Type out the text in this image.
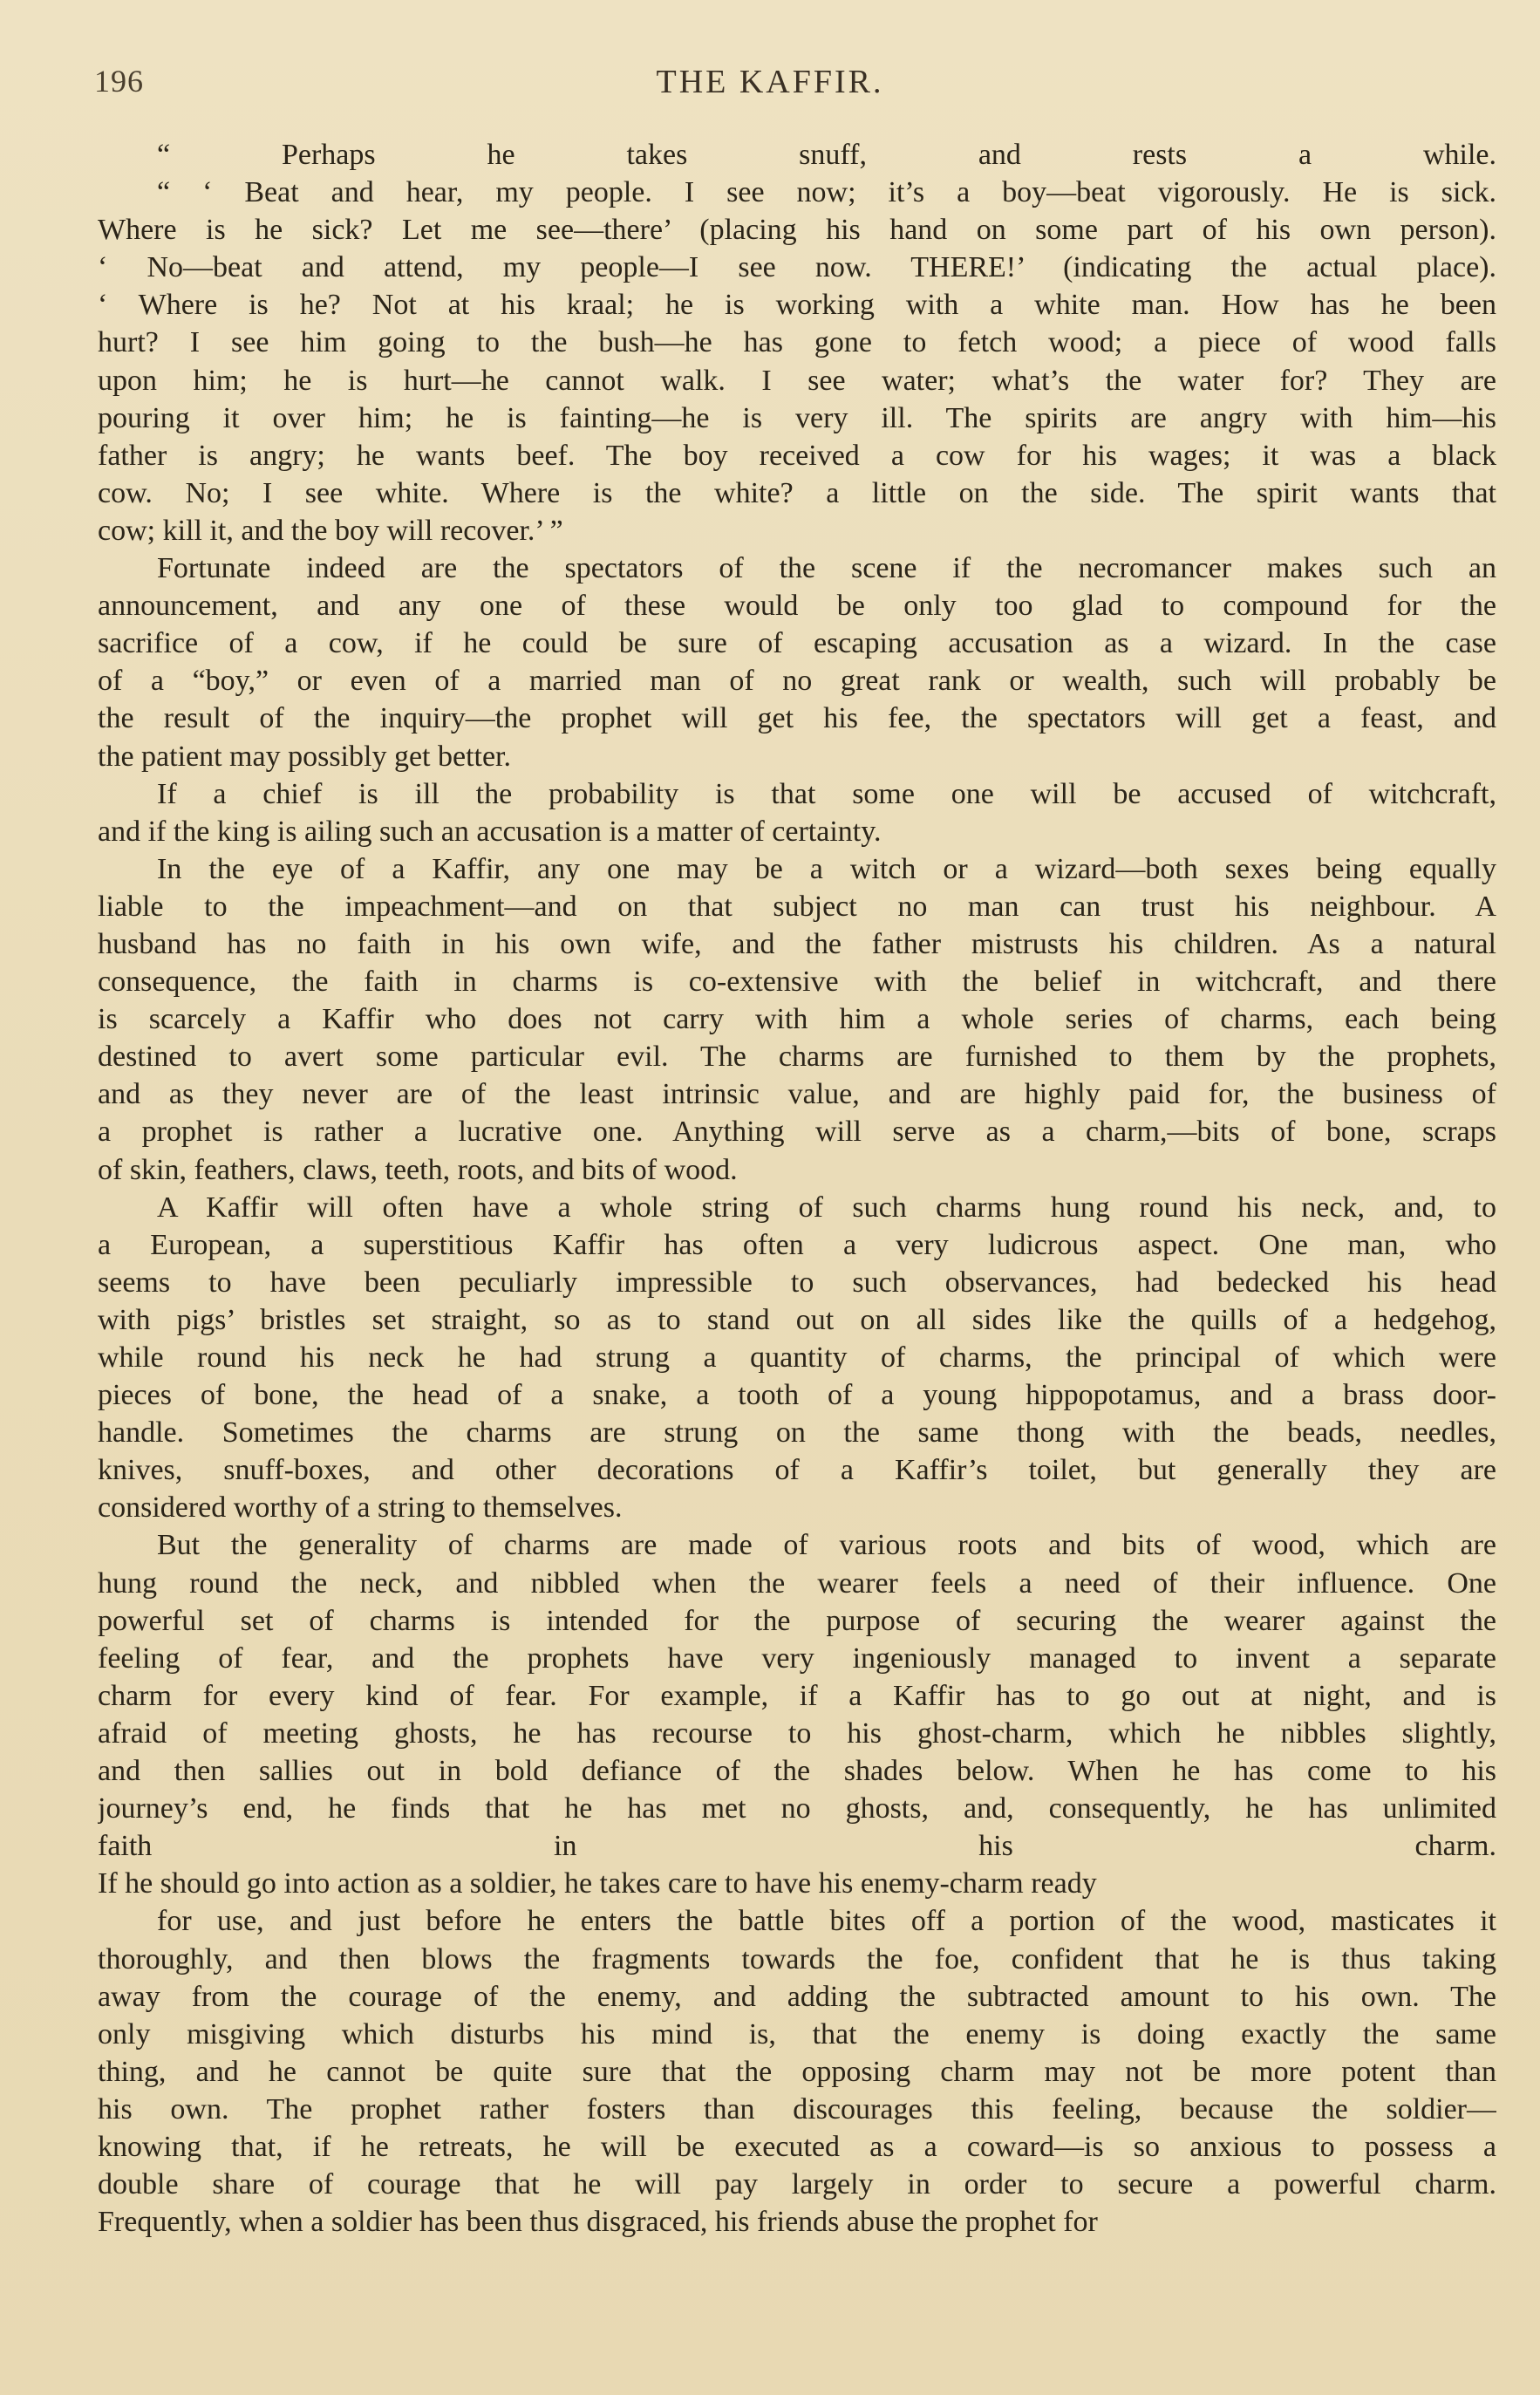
196	THE KAFFIR.
“ Perhaps he takes snuff, and rests a while.
“ ‘ Beat and hear, my people. I see now; it’s a boy—beat vigorously. He is sick.
Where is he sick? Let me see—there’ (placing his hand on some part of his own person).
‘ No—beat and attend, my people—I see now. THERE!’ (indicating the actual place).
‘ Where is he? Not at his kraal; he is working with a white man. How has he been
hurt? I see him going to the bush—he has gone to fetch wood; a piece of wood falls
upon him; he is hurt—he cannot walk. I see water; what’s the water for? They are
pouring it over him; he is fainting—he is very ill. The spirits are angry with him—his
father is angry; he wants beef. The boy received a cow for his wages; it was a black
cow. No; I see white. Where is the white? a little on the side. The spirit wants that
cow; kill it, and the boy will recover.’ ”
Fortunate indeed are the spectators of the scene if the necromancer makes such an
announcement, and any one of these would be only too glad to compound for the
sacrifice of a cow, if he could be sure of escaping accusation as a wizard. In the case
of a “boy,” or even of a married man of no great rank or wealth, such will probably be
the result of the inquiry—the prophet will get his fee, the spectators will get a feast, and
the patient may possibly get better.
If a chief is ill the probability is that some one will be accused of witchcraft,
and if the king is ailing such an accusation is a matter of certainty.
In the eye of a Kaffir, any one may be a witch or a wizard—both sexes being equally
liable to the impeachment—and on that subject no man can trust his neighbour. A
husband has no faith in his own wife, and the father mistrusts his children. As a natural
consequence, the faith in charms is co-extensive with the belief in witchcraft, and there
is scarcely a Kaffir who does not carry with him a whole series of charms, each being
destined to avert some particular evil. The charms are furnished to them by the prophets,
and as they never are of the least intrinsic value, and are highly paid for, the business of
a prophet is rather a lucrative one. Anything will serve as a charm,—bits of bone, scraps
of skin, feathers, claws, teeth, roots, and bits of wood.
A Kaffir will often have a whole string of such charms hung round his neck, and, to
a European, a superstitious Kaffir has often a very ludicrous aspect. One man, who
seems to have been peculiarly impressible to such observances, had bedecked his head
with pigs’ bristles set straight, so as to stand out on all sides like the quills of a hedgehog,
while round his neck he had strung a quantity of charms, the principal of which were
pieces of bone, the head of a snake, a tooth of a young hippopotamus, and a brass door-
handle. Sometimes the charms are strung on the same thong with the beads, needles,
knives, snuff-boxes, and other decorations of a Kaffir’s toilet, but generally they are
considered worthy of a string to themselves.
But the generality of charms are made of various roots and bits of wood, which are
hung round the neck, and nibbled when the wearer feels a need of their influence. One
powerful set of charms is intended for the purpose of securing the wearer against the
feeling of fear, and the prophets have very ingeniously managed to invent a separate
charm for every kind of fear. For example, if a Kaffir has to go out at night, and is
afraid of meeting ghosts, he has recourse to his ghost-charm, which he nibbles slightly,
and then sallies out in bold defiance of the shades below. When he has come to his
journey’s end, he finds that he has met no ghosts, and, consequently, he has unlimited
faith in his charm.
If he should go into action as a soldier, he takes care to have his enemy-charm ready
for use, and just before he enters the battle bites off a portion of the wood, masticates it
thoroughly, and then blows the fragments towards the foe, confident that he is thus taking
away from the courage of the enemy, and adding the subtracted amount to his own. The
only misgiving which disturbs his mind is, that the enemy is doing exactly the same
thing, and he cannot be quite sure that the opposing charm may not be more potent than
his own. The prophet rather fosters than discourages this feeling, because the soldier—
knowing that, if he retreats, he will be executed as a coward—is so anxious to possess a
double share of courage that he will pay largely in order to secure a powerful charm.
Frequently, when a soldier has been thus disgraced, his friends abuse the prophet for
